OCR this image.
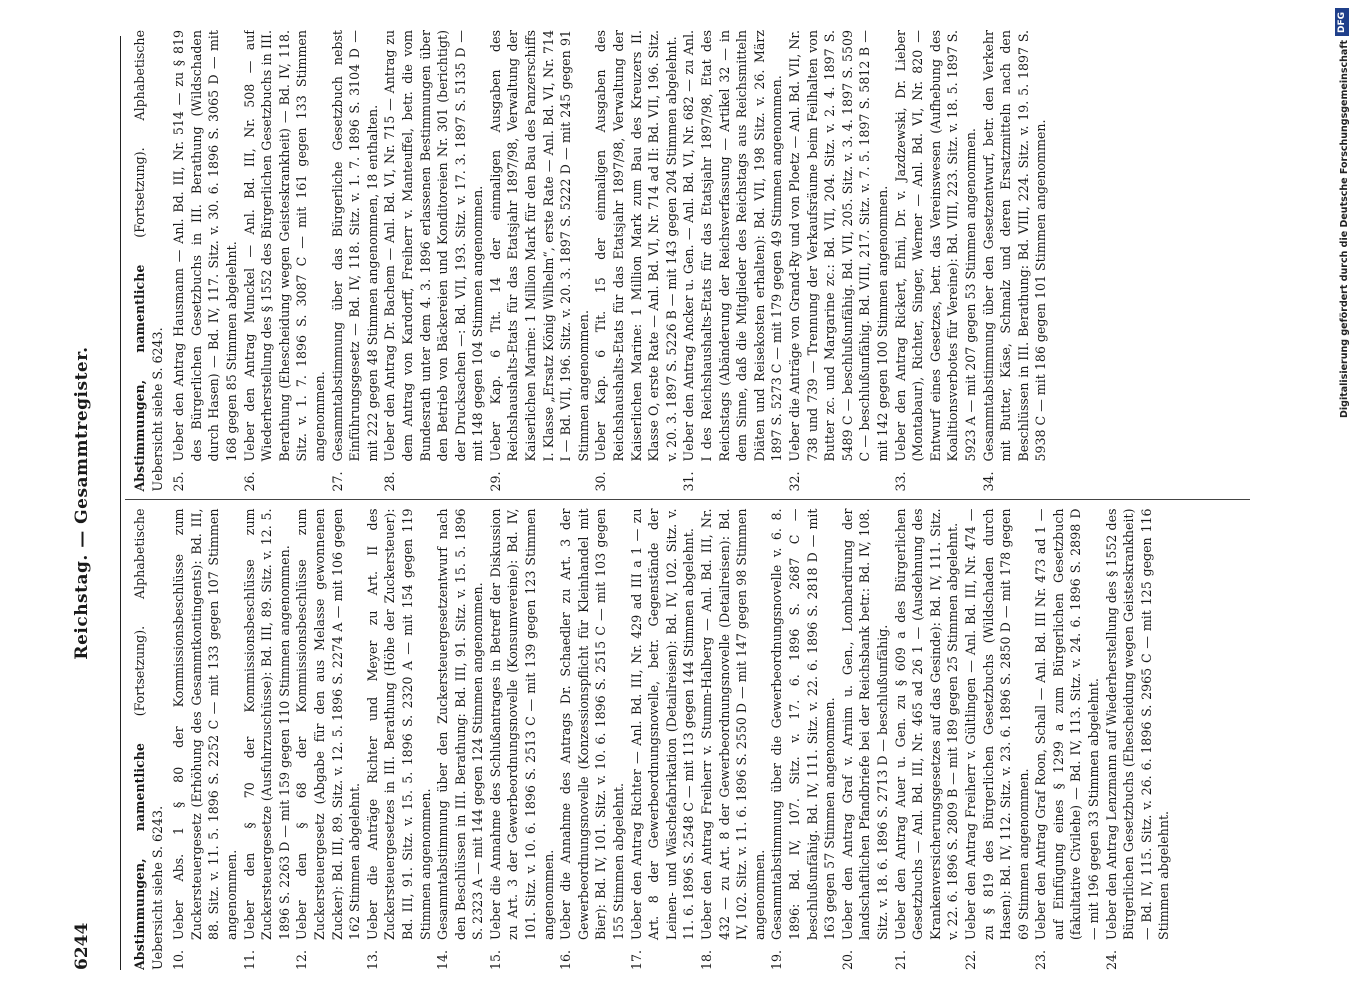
6244
Reichstag. — Gesammtregister.
Abstimmungen, namentliche (Fortsetzung). Alphabetische Uebersicht siehe S. 6243. 10.
Ueber Abs. 1 § 80 der Kommissionsbeschlüsse zum Zuckersteuergesetz (Erhöhung des Gesammtkontingents): Bd. III, 88. Sitz. v. 11. 5. 1896 S. 2252 C — mit 133 gegen 107 Stimmen angenommen.
11.
Ueber den § 70 der Kommissionsbeschlüsse zum Zuckersteuergesetze (Ausfuhrzuschüsse): Bd. III, 89. Sitz. v. 12. 5. 1896 S. 2263 D — mit 159 gegen 110 Stimmen angenommen.
12.
Ueber den § 68 der Kommissionsbeschlüsse zum Zuckersteuergesetz (Abgabe für den aus Melasse gewonnenen Zucker): Bd. III, 89. Sitz. v. 12. 5. 1896 S. 2274 A — mit 106 gegen 162 Stimmen abgelehnt.
13.
Ueber die Anträge Richter und Meyer zu Art. II des Zuckersteuergesetzes in III. Berathung (Höhe der Zuckersteuer): Bd. III, 91. Sitz. v. 15. 5. 1896 S. 2320 A — mit 154 gegen 119 Stimmen angenommen.
14.
Gesammtabstimmung über den Zuckersteuergesetzentwurf nach den Beschlüssen in III. Berathung: Bd. III, 91. Sitz. v. 15. 5. 1896 S. 2323 A — mit 144 gegen 124 Stimmen angenommen.
15.
Ueber die Annahme des Schlußantrages in Betreff der Diskussion zu Art. 3 der Gewerbeordnungsnovelle (Konsumvereine): Bd. IV, 101. Sitz. v. 10. 6. 1896 S. 2513 C — mit 139 gegen 123 Stimmen angenommen.
16.
Ueber die Annahme des Antrags Dr. Schaedler zu Art. 3 der Gewerbeordnungsnovelle (Konzessionspflicht für Kleinhandel mit Bier): Bd. IV, 101. Sitz. v. 10. 6. 1896 S. 2515 C — mit 103 gegen 155 Stimmen abgelehnt.
17.
Ueber den Antrag Richter — Anl. Bd. III, Nr. 429 ad III a 1 — zu Art. 8 der Gewerbeordnungsnovelle, betr. Gegenstände der Leinen- und Wäschefabrikation (Detailreisen): Bd. IV, 102. Sitz. v. 11. 6. 1896 S. 2548 C — mit 113 gegen 144 Stimmen abgelehnt.
18.
Ueber den Antrag Freiherr v. Stumm-Halberg — Anl. Bd. III, Nr. 432 — zu Art. 8 der Gewerbeordnungsnovelle (Detailreisen): Bd. IV, 102. Sitz. v. 11. 6. 1896 S. 2550 D — mit 147 gegen 98 Stimmen angenommen.
19.
Gesammtabstimmung über die Gewerbeordnungsnovelle v. 6. 8. 1896: Bd. IV, 107. Sitz. v. 17. 6. 1896 S. 2687 C — beschlußunfähig. Bd. IV, 111. Sitz. v. 22. 6. 1896 S. 2818 D — mit 163 gegen 57 Stimmen angenommen.
20.
Ueber den Antrag Graf v. Arnim u. Gen., Lombardirung der landschaftlichen Pfandbriefe bei der Reichsbank betr.: Bd. IV, 108. Sitz. v. 18. 6. 1896 S. 2713 D — beschlußunfähig.
21.
Ueber den Antrag Auer u. Gen. zu § 609 a des Bürgerlichen Gesetzbuchs — Anl. Bd. III, Nr. 465 ad 26 1 — (Ausdehnung des Krankenversicherungsgesetzes auf das Gesinde): Bd. IV, 111. Sitz. v. 22. 6. 1896 S. 2809 B — mit 189 gegen 25 Stimmen abgelehnt.
22.
Ueber den Antrag Freiherr v. Gültlingen — Anl. Bd. III, Nr. 474 — zu § 819 des Bürgerlichen Gesetzbuchs (Wildschaden durch Hasen): Bd. IV, 112. Sitz. v. 23. 6. 1896 S. 2850 D — mit 178 gegen 69 Stimmen angenommen.
23.
Ueber den Antrag Graf Roon, Schall — Anl. Bd. III Nr. 473 ad 1 — auf Einfügung eines § 1299 a zum Bürgerlichen Gesetzbuch (fakultative Civilehe) — Bd. IV, 113. Sitz. v. 24. 6. 1896 S. 2898 D — mit 196 gegen 33 Stimmen abgelehnt.
24.
Ueber den Antrag Lenzmann auf Wiederherstellung des § 1552 des Bürgerlichen Gesetzbuchs (Ehescheidung wegen Geisteskrankheit) — Bd. IV, 115. Sitz. v. 26. 6. 1896 S. 2965 C — mit 125 gegen 116 Stimmen abgelehnt.
Abstimmungen, namentliche (Fortsetzung). Alphabetische Uebersicht siehe S. 6243. 25.
Ueber den Antrag Hausmann — Anl. Bd. III, Nr. 514 — zu § 819 des Bürgerlichen Gesetzbuchs in III. Berathung (Wildschaden durch Hasen) — Bd. IV, 117. Sitz. v. 30. 6. 1896 S. 3065 D — mit 168 gegen 85 Stimmen abgelehnt.
26.
Ueber den Antrag Munckel — Anl. Bd. III, Nr. 508 — auf Wiederherstellung des § 1552 des Bürgerlichen Gesetzbuchs in III. Berathung (Ehescheidung wegen Geisteskrankheit) — Bd. IV, 118. Sitz. v. 1. 7. 1896 S. 3087 C — mit 161 gegen 133 Stimmen angenommen.
27.
Gesammtabstimmung über das Bürgerliche Gesetzbuch nebst Einführungsgesetz — Bd. IV, 118. Sitz. v. 1. 7. 1896 S. 3104 D — mit 222 gegen 48 Stimmen angenommen, 18 enthalten.
28.
Ueber den Antrag Dr. Bachem — Anl. Bd. VI, Nr. 715 — Antrag zu dem Antrag von Kardorff, Freiherr v. Manteuffel, betr. die vom Bundesrath unter dem 4. 3. 1896 erlassenen Bestimmungen über den Betrieb von Bäckereien und Konditoreien Nr. 301 (berichtigt) der Drucksachen —: Bd. VII, 193. Sitz. v. 17. 3. 1897 S. 5135 D — mit 148 gegen 104 Stimmen angenommen.
29.
Ueber Kap. 6 Tit. 14 der einmaligen Ausgaben des Reichshaushalts-Etats für das Etatsjahr 1897/98, Verwaltung der Kaiserlichen Marine: 1 Million Mark für den Bau des Panzerschiffs I. Klasse „Ersatz König Wilhelm“, erste Rate — Anl. Bd. VI, Nr. 714 I — Bd. VII, 196. Sitz. v. 20. 3. 1897 S. 5222 D — mit 245 gegen 91 Stimmen angenommen.
30.
Ueber Kap. 6 Tit. 15 der einmaligen Ausgaben des Reichshaushalts-Etats für das Etatsjahr 1897/98, Verwaltung der Kaiserlichen Marine: 1 Million Mark zum Bau des Kreuzers II. Klasse O, erste Rate — Anl. Bd. VI, Nr. 714 ad II: Bd. VII, 196. Sitz. v. 20. 3. 1897 S. 5226 B — mit 143 gegen 204 Stimmen abgelehnt.
31.
Ueber den Antrag Ancker u. Gen. — Anl. Bd. VI, Nr. 682 — zu Anl. I des Reichshaushalts-Etats für das Etatsjahr 1897/98, Etat des Reichstags (Abänderung der Reichsverfassung — Artikel 32 — in dem Sinne, daß die Mitglieder des Reichstags aus Reichsmitteln Diäten und Reisekosten erhalten): Bd. VII, 198 Sitz. v. 26. März 1897 S. 5273 C — mit 179 gegen 49 Stimmen angenommen.
32.
Ueber die Anträge von Grand-Ry und von Ploetz — Anl. Bd. VII, Nr. 738 und 739 — Trennung der Verkaufsräume beim Feilhalten von Butter zc. und Margarine zc.: Bd. VII, 204. Sitz. v. 2. 4. 1897 S. 5489 C — beschlußunfähig. Bd. VII, 205. Sitz. v. 3. 4. 1897 S. 5509 C — beschlußunfähig. Bd. VIII, 217. Sitz. v. 7. 5. 1897 S. 5812 B — mit 142 gegen 100 Stimmen angenommen.
33.
Ueber den Antrag Rickert, Ehni, Dr. v. Jazdzewski, Dr. Lieber (Montabaur), Richter, Singer, Werner — Anl. Bd. VI, Nr. 820 — Entwurf eines Gesetzes, betr. das Vereinswesen (Aufhebung des Koalitionsverbotes für Vereine): Bd. VIII, 223. Sitz. v. 18. 5. 1897 S. 5923 A — mit 207 gegen 53 Stimmen angenommen.
34.
Gesammtabstimmung über den Gesetzentwurf, betr. den Verkehr mit Butter, Käse, Schmalz und deren Ersatzmitteln nach den Beschlüssen in III. Berathung: Bd. VIII, 224. Sitz. v. 19. 5. 1897 S. 5938 C — mit 186 gegen 101 Stimmen angenommen.
DFG
Digitalisierung gefördert durch die Deutsche Forschungsgemeinschaft
